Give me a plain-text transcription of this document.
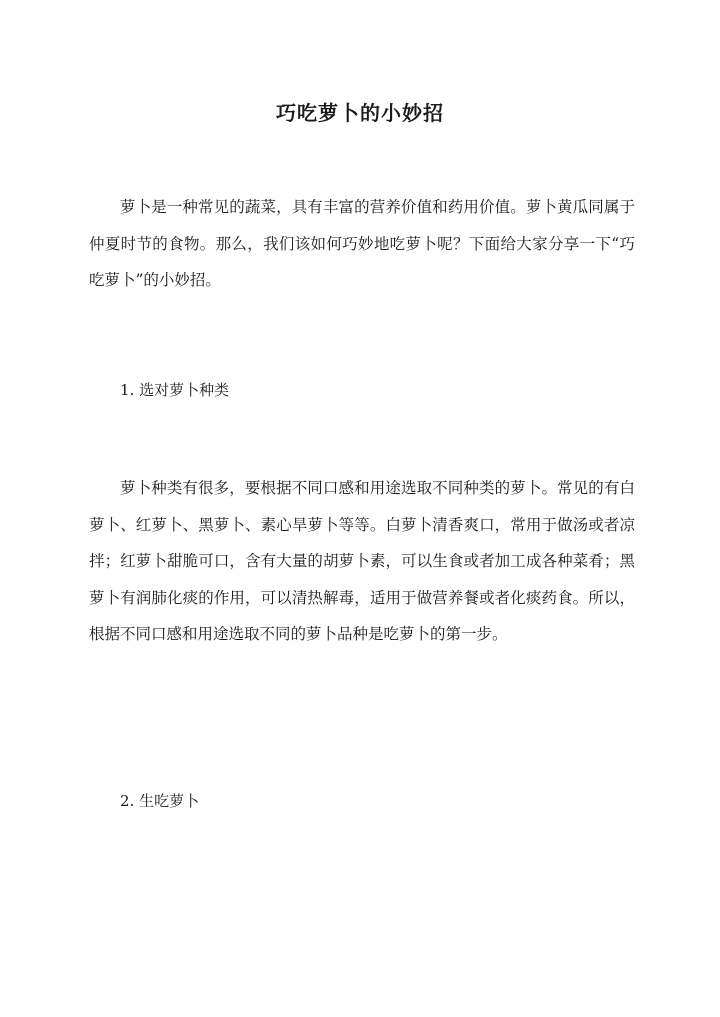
巧吃萝卜的小妙招

萝卜是一种常见的蔬菜，具有丰富的营养价值和药用价值。萝卜黄瓜同属于仲夏时节的食物。那么，我们该如何巧妙地吃萝卜呢？下面给大家分享一下“巧吃萝卜”的小妙招。

1. 选对萝卜种类

萝卜种类有很多，要根据不同口感和用途选取不同种类的萝卜。常见的有白萝卜、红萝卜、黑萝卜、素心旱萝卜等等。白萝卜清香爽口，常用于做汤或者凉拌；红萝卜甜脆可口，含有大量的胡萝卜素，可以生食或者加工成各种菜肴；黑萝卜有润肺化痰的作用，可以清热解毒，适用于做营养餐或者化痰药食。所以，根据不同口感和用途选取不同的萝卜品种是吃萝卜的第一步。

2. 生吃萝卜
